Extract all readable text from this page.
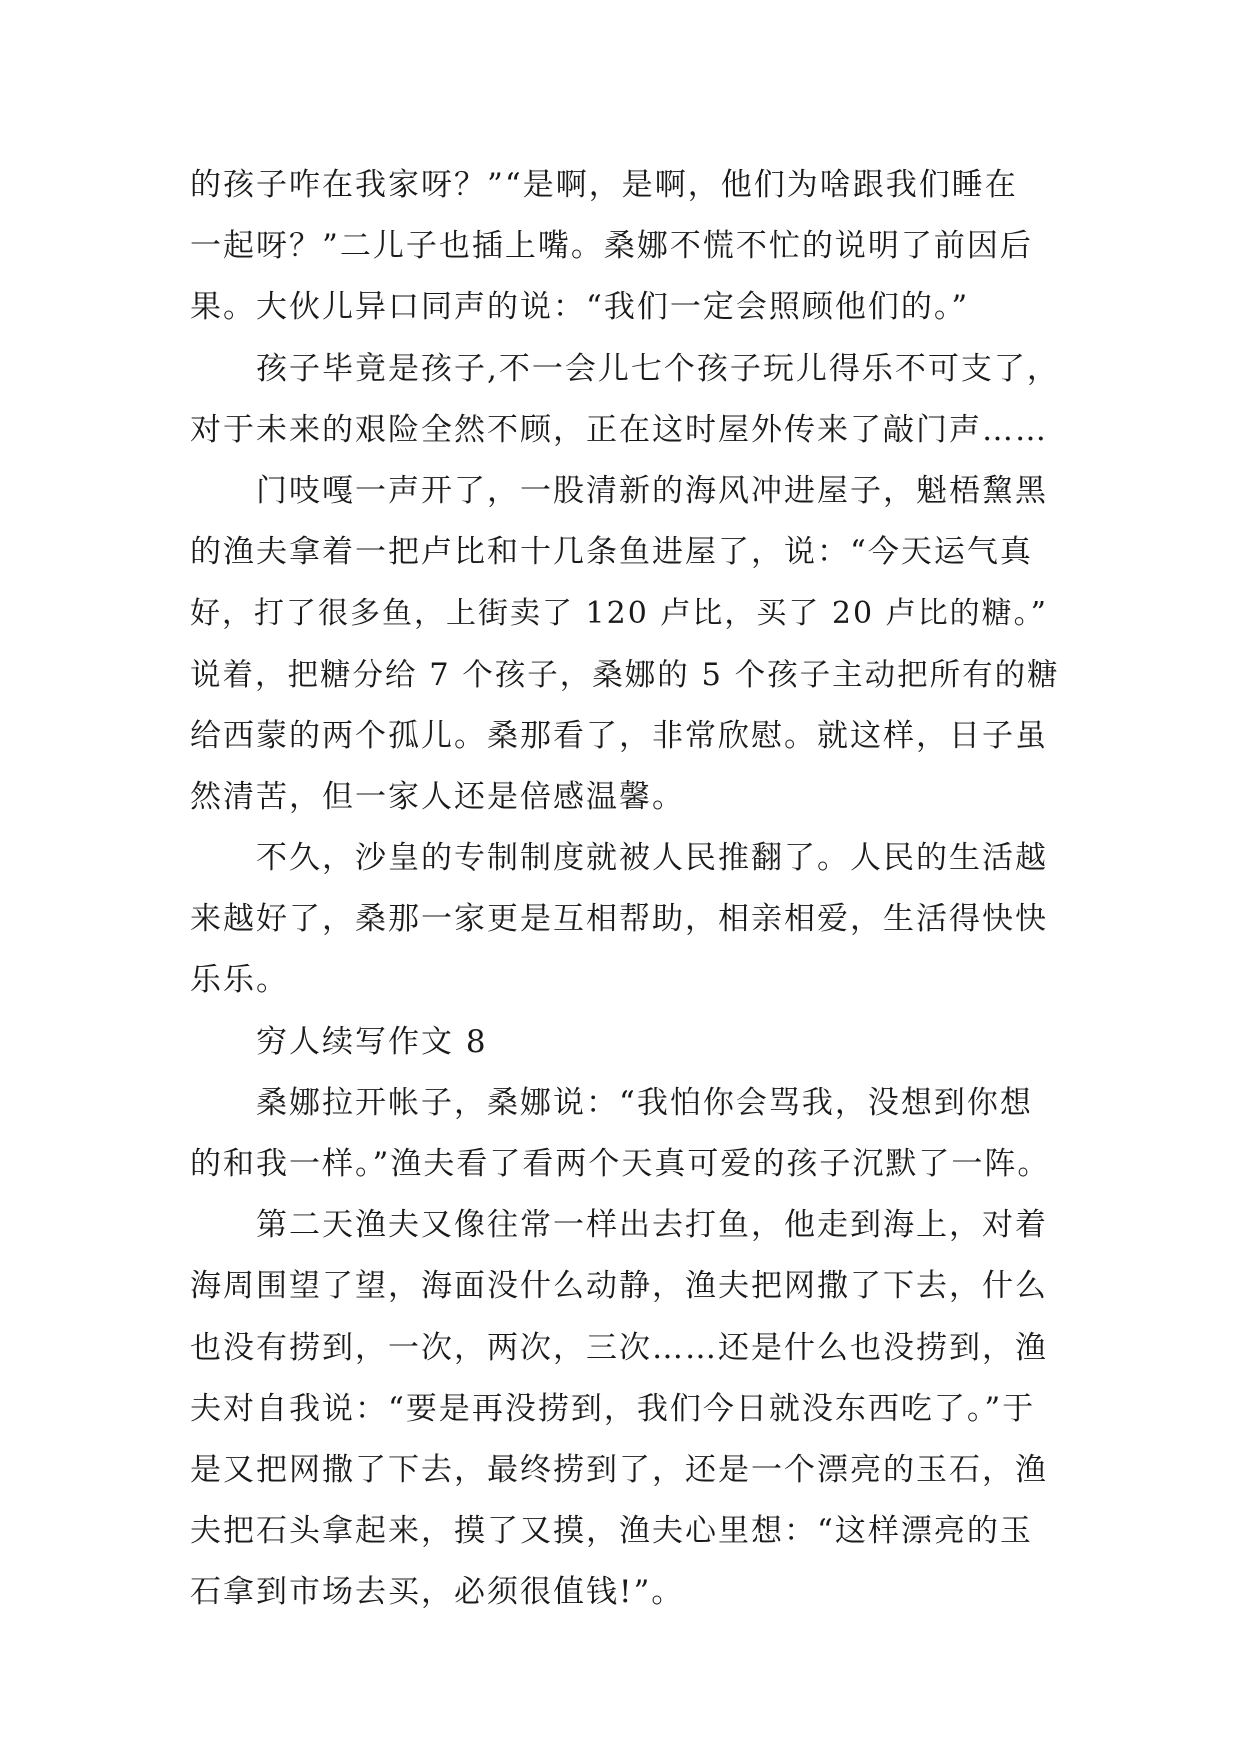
的孩子咋在我家呀？”“是啊，是啊，他们为啥跟我们睡在
一起呀？”二儿子也插上嘴。桑娜不慌不忙的说明了前因后
果。大伙儿异口同声的说：“我们一定会照顾他们的。”
孩子毕竟是孩子,不一会儿七个孩子玩儿得乐不可支了，
对于未来的艰险全然不顾，正在这时屋外传来了敲门声……
门吱嘎一声开了，一股清新的海风冲进屋子，魁梧黧黑
的渔夫拿着一把卢比和十几条鱼进屋了，说：“今天运气真
好，打了很多鱼，上街卖了 120 卢比，买了 20 卢比的糖。”
说着，把糖分给 7 个孩子，桑娜的 5 个孩子主动把所有的糖
给西蒙的两个孤儿。桑那看了，非常欣慰。就这样，日子虽
然清苦，但一家人还是倍感温馨。
不久，沙皇的专制制度就被人民推翻了。人民的生活越
来越好了，桑那一家更是互相帮助，相亲相爱，生活得快快
乐乐。
穷人续写作文 8
桑娜拉开帐子，桑娜说：“我怕你会骂我，没想到你想
的和我一样。”渔夫看了看两个天真可爱的孩子沉默了一阵。
第二天渔夫又像往常一样出去打鱼，他走到海上，对着
海周围望了望，海面没什么动静，渔夫把网撒了下去，什么
也没有捞到，一次，两次，三次……还是什么也没捞到，渔
夫对自我说：“要是再没捞到，我们今日就没东西吃了。”于
是又把网撒了下去，最终捞到了，还是一个漂亮的玉石，渔
夫把石头拿起来，摸了又摸，渔夫心里想：“这样漂亮的玉
石拿到市场去买，必须很值钱!”。
